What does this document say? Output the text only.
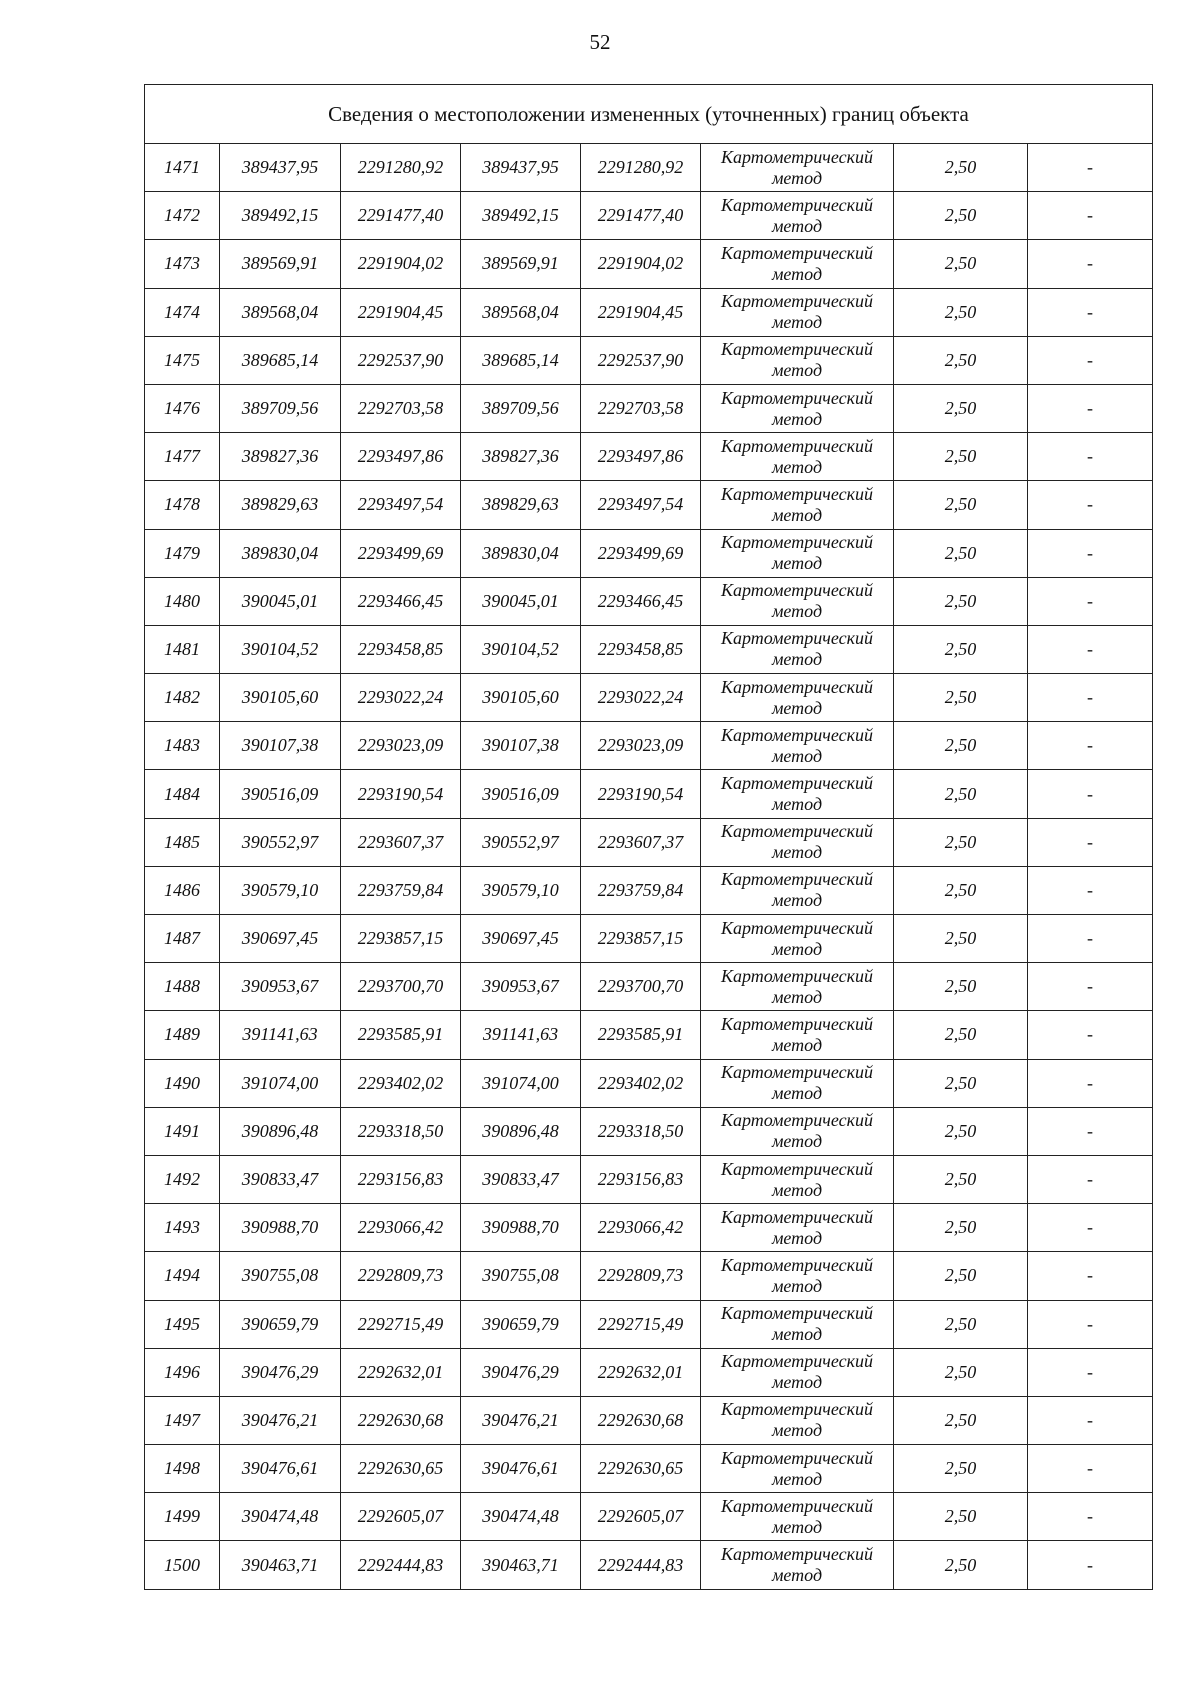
52
Сведения о местоположении измененных (уточненных) границ объекта							
1471	389437,95	2291280,92	389437,95	2291280,92	Картометрический
метод	2,50	-
1472	389492,15	2291477,40	389492,15	2291477,40	Картометрический
метод	2,50	-
1473	389569,91	2291904,02	389569,91	2291904,02	Картометрический
метод	2,50	-
1474	389568,04	2291904,45	389568,04	2291904,45	Картометрический
метод	2,50	-
1475	389685,14	2292537,90	389685,14	2292537,90	Картометрический
метод	2,50	-
1476	389709,56	2292703,58	389709,56	2292703,58	Картометрический
метод	2,50	-
1477	389827,36	2293497,86	389827,36	2293497,86	Картометрический
метод	2,50	-
1478	389829,63	2293497,54	389829,63	2293497,54	Картометрический
метод	2,50	-
1479	389830,04	2293499,69	389830,04	2293499,69	Картометрический
метод	2,50	-
1480	390045,01	2293466,45	390045,01	2293466,45	Картометрический
метод	2,50	-
1481	390104,52	2293458,85	390104,52	2293458,85	Картометрический
метод	2,50	-
1482	390105,60	2293022,24	390105,60	2293022,24	Картометрический
метод	2,50	-
1483	390107,38	2293023,09	390107,38	2293023,09	Картометрический
метод	2,50	-
1484	390516,09	2293190,54	390516,09	2293190,54	Картометрический
метод	2,50	-
1485	390552,97	2293607,37	390552,97	2293607,37	Картометрический
метод	2,50	-
1486	390579,10	2293759,84	390579,10	2293759,84	Картометрический
метод	2,50	-
1487	390697,45	2293857,15	390697,45	2293857,15	Картометрический
метод	2,50	-
1488	390953,67	2293700,70	390953,67	2293700,70	Картометрический
метод	2,50	-
1489	391141,63	2293585,91	391141,63	2293585,91	Картометрический
метод	2,50	-
1490	391074,00	2293402,02	391074,00	2293402,02	Картометрический
метод	2,50	-
1491	390896,48	2293318,50	390896,48	2293318,50	Картометрический
метод	2,50	-
1492	390833,47	2293156,83	390833,47	2293156,83	Картометрический
метод	2,50	-
1493	390988,70	2293066,42	390988,70	2293066,42	Картометрический
метод	2,50	-
1494	390755,08	2292809,73	390755,08	2292809,73	Картометрический
метод	2,50	-
1495	390659,79	2292715,49	390659,79	2292715,49	Картометрический
метод	2,50	-
1496	390476,29	2292632,01	390476,29	2292632,01	Картометрический
метод	2,50	-
1497	390476,21	2292630,68	390476,21	2292630,68	Картометрический
метод	2,50	-
1498	390476,61	2292630,65	390476,61	2292630,65	Картометрический
метод	2,50	-
1499	390474,48	2292605,07	390474,48	2292605,07	Картометрический
метод	2,50	-
1500	390463,71	2292444,83	390463,71	2292444,83	Картометрический
метод	2,50	-
